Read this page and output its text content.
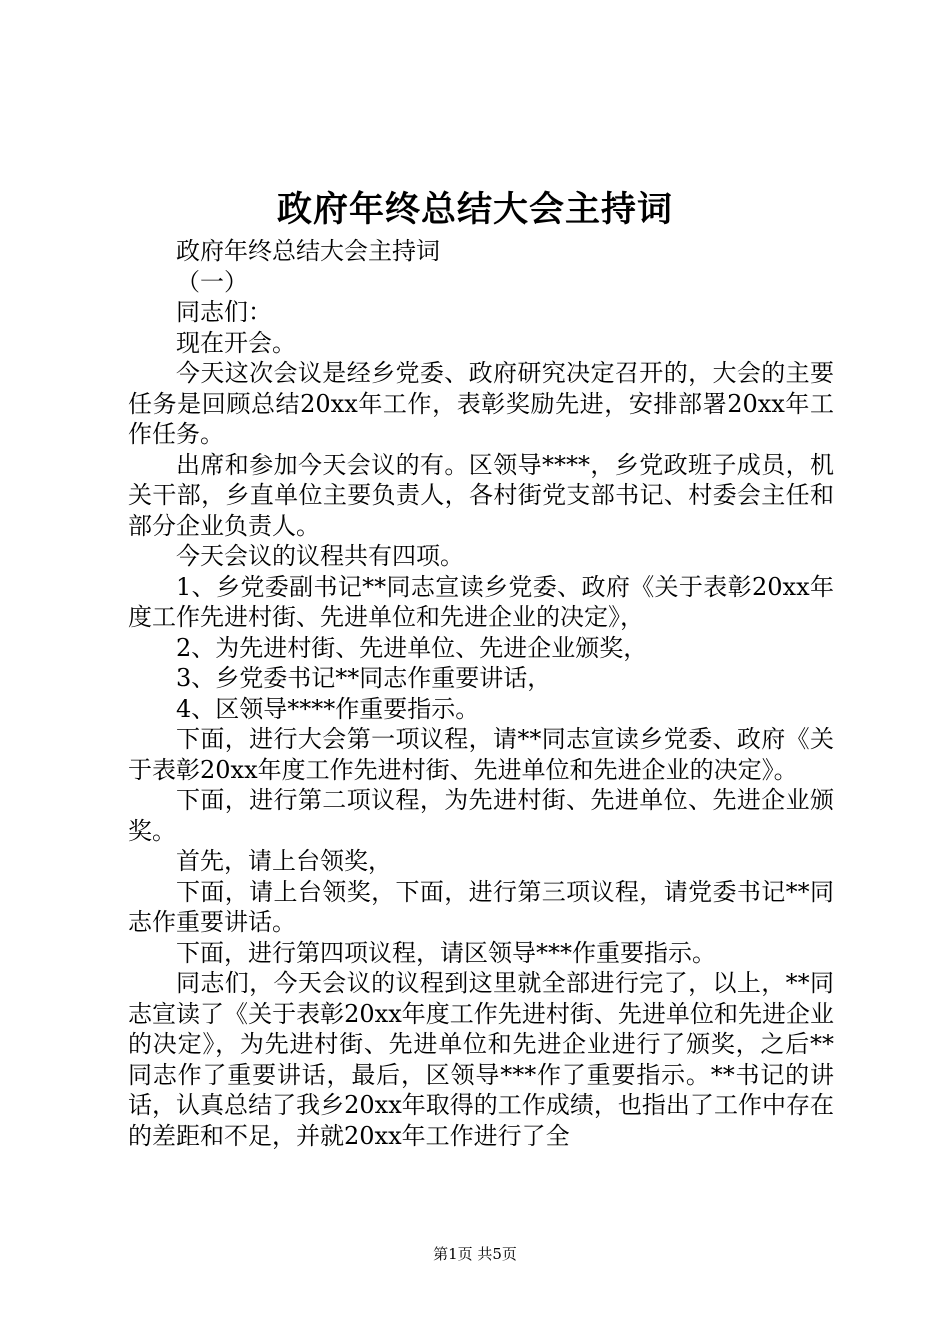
政府年终总结大会主持词

政府年终总结大会主持词

（一）

同志们：

现在开会。

今天这次会议是经乡党委、政府研究决定召开的，大会的主要任务是回顾总结20xx年工作，表彰奖励先进，安排部署20xx年工作任务。

出席和参加今天会议的有。区领导****，乡党政班子成员，机关干部，乡直单位主要负责人，各村街党支部书记、村委会主任和部分企业负责人。

今天会议的议程共有四项。

1、乡党委副书记**同志宣读乡党委、政府《关于表彰20xx年度工作先进村街、先进单位和先进企业的决定》，

2、为先进村街、先进单位、先进企业颁奖，

3、乡党委书记**同志作重要讲话，

4、区领导****作重要指示。

下面，进行大会第一项议程，请**同志宣读乡党委、政府《关于表彰20xx年度工作先进村街、先进单位和先进企业的决定》。

下面，进行第二项议程，为先进村街、先进单位、先进企业颁奖。

首先，请上台领奖，

下面，请上台领奖，下面，进行第三项议程，请党委书记**同志作重要讲话。

下面，进行第四项议程，请区领导***作重要指示。

同志们，今天会议的议程到这里就全部进行完了，以上，**同志宣读了《关于表彰20xx年度工作先进村街、先进单位和先进企业的决定》，为先进村街、先进单位和先进企业进行了颁奖，之后**同志作了重要讲话，最后，区领导***作了重要指示。**书记的讲话，认真总结了我乡20xx年取得的工作成绩，也指出了工作中存在的差距和不足，并就20xx年工作进行了全

第1页 共5页
